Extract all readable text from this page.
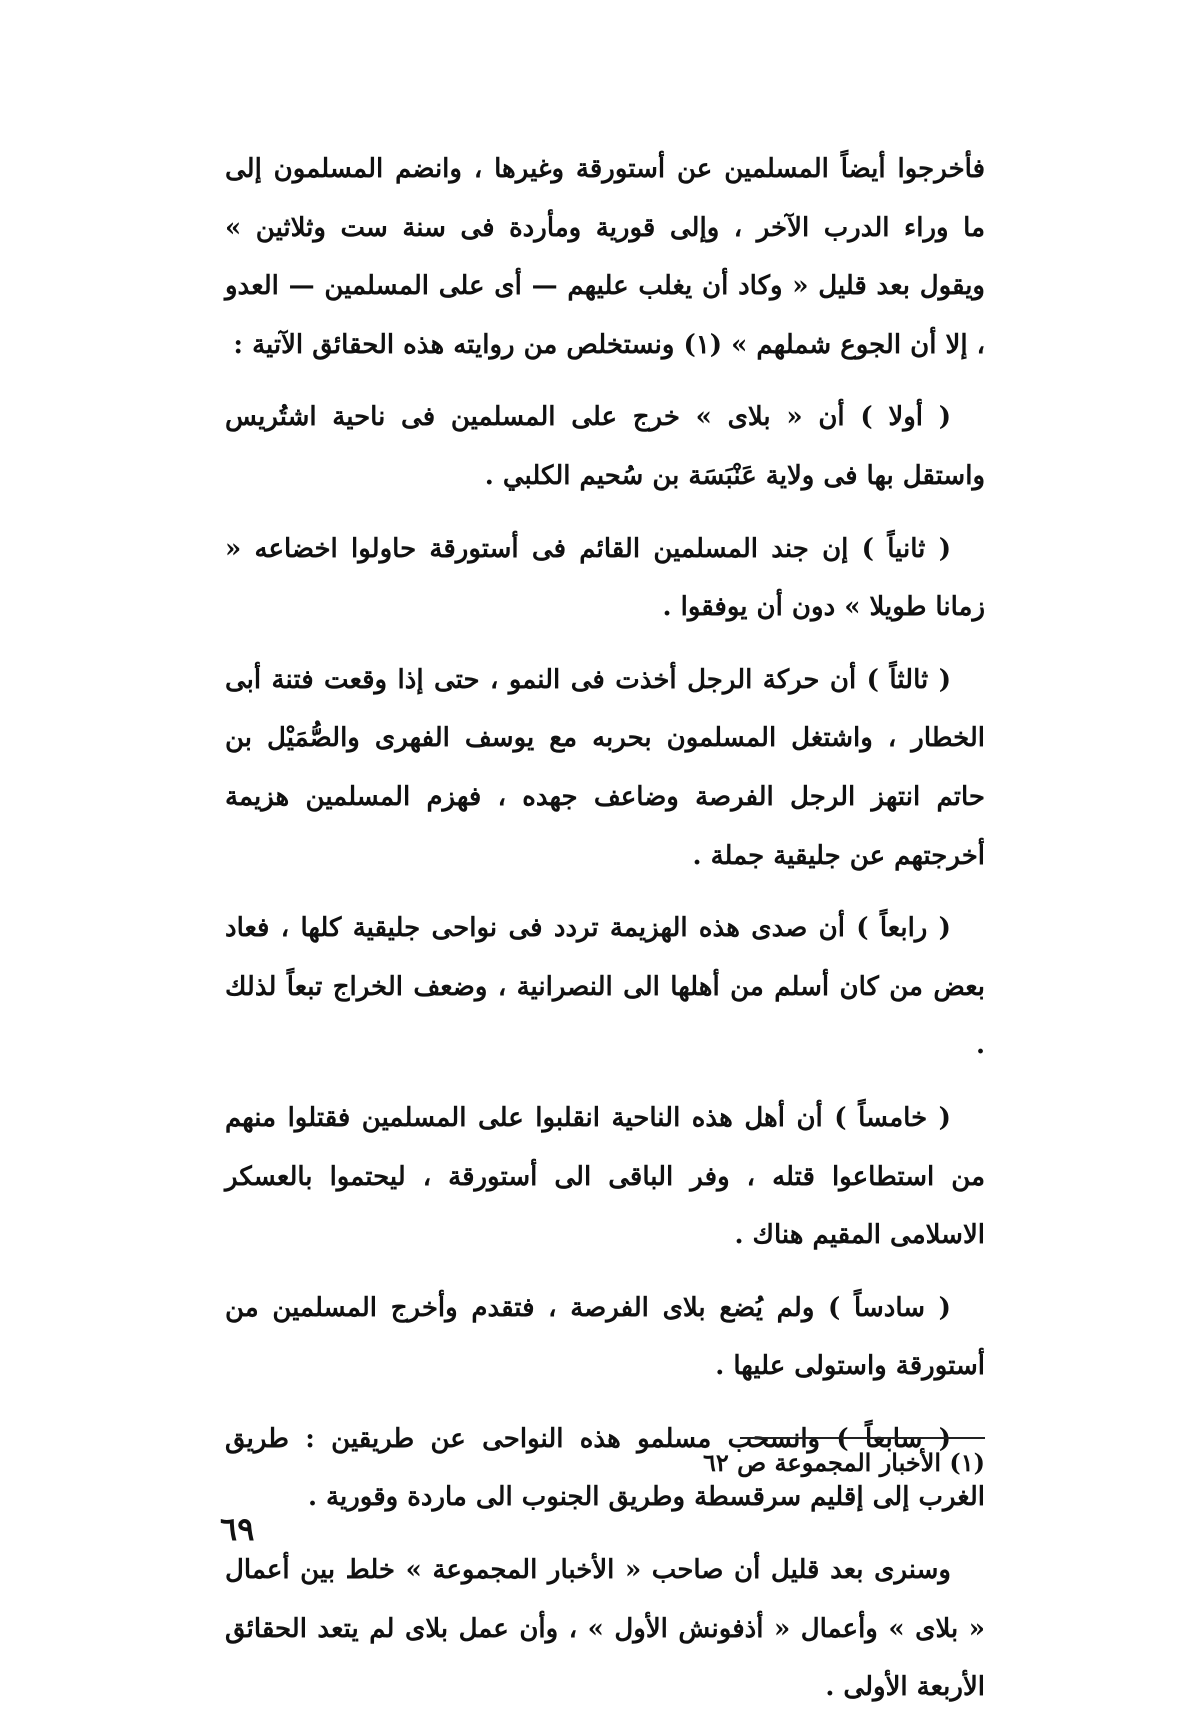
فأخرجوا أيضاً المسلمين عن أستورقة وغيرها ، وانضم المسلمون إلى ما وراء الدرب الآخر ، وإلى قورية ومأردة فى سنة ست وثلاثين » ويقول بعد قليل « وكاد أن يغلب عليهم — أى على المسلمين — العدو ، إلا أن الجوع شملهم » (١) ونستخلص من روايته هذه الحقائق الآتية :

( أولا ) أن « بلاى » خرج على المسلمين فى ناحية اشتُريس واستقل بها فى ولاية عَنْبَسَة بن سُحيم الكلبي .

( ثانياً ) إن جند المسلمين القائم فى أستورقة حاولوا اخضاعه « زمانا طويلا » دون أن يوفقوا .

( ثالثاً ) أن حركة الرجل أخذت فى النمو ، حتى إذا وقعت فتنة أبى الخطار ، واشتغل المسلمون بحربه مع يوسف الفهرى والصُّمَيْل بن حاتم انتهز الرجل الفرصة وضاعف جهده ، فهزم المسلمين هزيمة أخرجتهم عن جليقية جملة .

( رابعاً ) أن صدى هذه الهزيمة تردد فى نواحى جليقية كلها ، فعاد بعض من كان أسلم من أهلها الى النصرانية ، وضعف الخراج تبعاً لذلك .

( خامساً ) أن أهل هذه الناحية انقلبوا على المسلمين فقتلوا منهم من استطاعوا قتله ، وفر الباقى الى أستورقة ، ليحتموا بالعسكر الاسلامى المقيم هناك .

( سادساً ) ولم يُضع بلاى الفرصة ، فتقدم وأخرج المسلمين من أستورقة واستولى عليها .

( سابعاً ) وانسحب مسلمو هذه النواحى عن طريقين : طريق الغرب إلى إقليم سرقسطة وطريق الجنوب الى ماردة وقورية .

وسنرى بعد قليل أن صاحب « الأخبار المجموعة » خلط بين أعمال « بلاى » وأعمال « أذفونش الأول » ، وأن عمل بلاى لم يتعد الحقائق الأربعة الأولى .

(١) الأخبار المجموعة ص ٦٢
٦٩
